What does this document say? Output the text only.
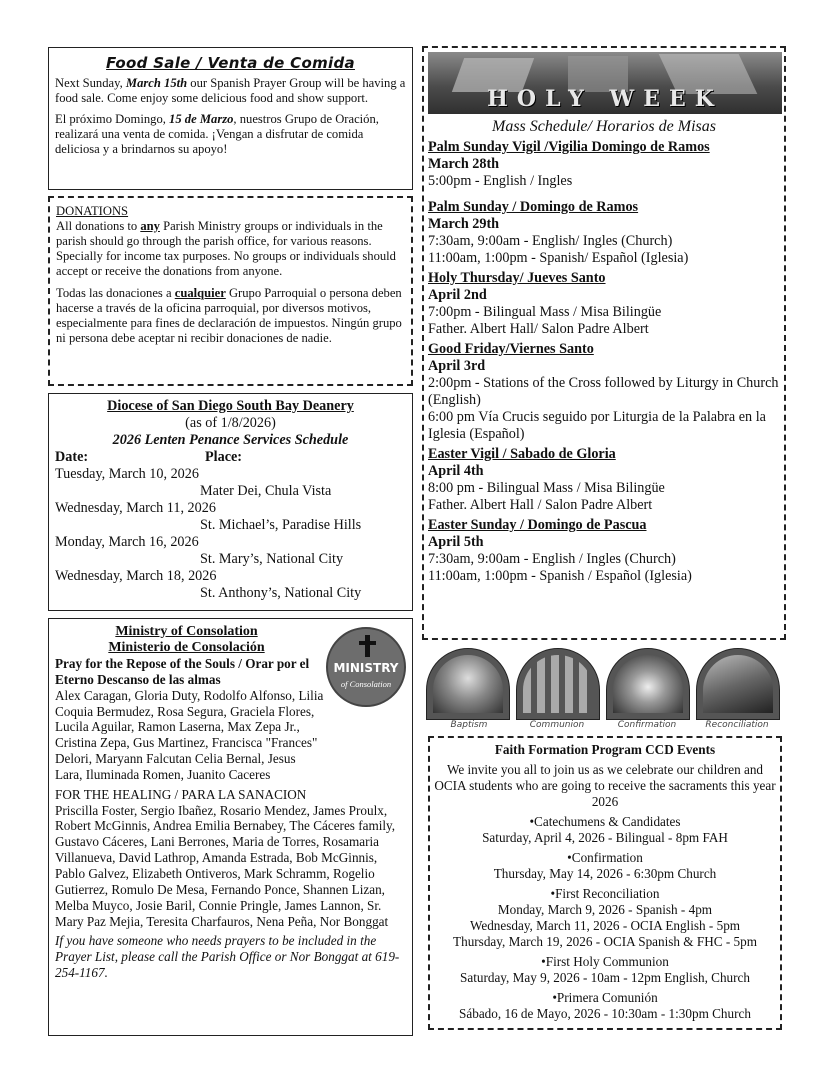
Food Sale / Venta de Comida

Next Sunday, March 15th our Spanish Prayer Group will be having a food sale. Come enjoy some delicious food and show support.

El próximo Domingo, 15 de Marzo, nuestros Grupo de Oración, realizará una venta de comida. ¡Vengan a disfrutar de comida deliciosa y a brindarnos su apoyo!

DONATIONS

All donations to any Parish Ministry groups or individuals in the parish should go through the parish office, for various reasons. Specially for income tax purposes. No groups or individuals should accept or receive the donations from anyone.

Todas las donaciones a cualquier Grupo Parroquial o persona deben hacerse a través de la oficina parroquial, por diversos motivos, especialmente para fines de declaración de impuestos. Ningún grupo ni persona debe aceptar ni recibir donaciones de nadie.

Diocese of San Diego South Bay Deanery
(as of 1/8/2026)
2026 Lenten Penance Services Schedule
Date:	Place:
Tuesday, March 10, 2026
Mater Dei, Chula Vista
Wednesday, March 11, 2026
St. Michael’s, Paradise Hills
Monday, March 16, 2026
St. Mary’s, National City
Wednesday, March 18, 2026
St. Anthony’s, National City
MINISTRY
of Consolation
Ministry of Consolation
Ministerio de Consolación
Pray for the Repose of the Souls / Orar por el Eterno Descanso de las almas

Alex Caragan, Gloria Duty, Rodolfo Alfonso, Lilia Coquia Bermudez, Rosa Segura, Graciela Flores, Lucila Aguilar, Ramon Laserna, Max Zepa Jr., Cristina Zepa, Gus Martinez, Francisca "Frances" Delori, Maryann Falcutan Celia Bernal, Jesus Lara, Iluminada Romen, Juanito Caceres

FOR THE HEALING / PARA LA SANACION

Priscilla Foster, Sergio Ibañez, Rosario Mendez, James Proulx, Robert McGinnis, Andrea Emilia Bernabey, The Cáceres family, Gustavo Cáceres, Lani Berrones, Maria de Torres, Rosamaria Villanueva, David Lathrop, Amanda Estrada, Bob McGinnis, Pablo Galvez, Elizabeth Ontiveros, Mark Schramm, Rogelio Gutierrez, Romulo De Mesa, Fernando Ponce, Shannen Lizan, Melba Muyco, Josie Baril, Connie Pringle, James Lannon, Sr. Mary Paz Mejia, Teresita Charfauros, Nena Peña, Nor Bonggat

If you have someone who needs prayers to be included in the Prayer List, please call the Parish Office or Nor Bonggat at 619-254-1167.

HOLY WEEK
Mass Schedule/ Horarios de Misas
Palm Sunday Vigil /Vigilia Domingo de Ramos
March 28th
5:00pm - English / Ingles
Palm Sunday / Domingo de Ramos
March 29th
7:30am, 9:00am - English/ Ingles (Church)
11:00am, 1:00pm - Spanish/ Español (Iglesia)
Holy Thursday/ Jueves Santo
April 2nd
7:00pm - Bilingual Mass / Misa Bilingüe
Father. Albert Hall/ Salon Padre Albert
Good Friday/Viernes Santo
April 3rd
2:00pm - Stations of the Cross followed by Liturgy in Church (English)
6:00 pm Vía Crucis seguido por Liturgia de la Palabra en la Iglesia (Español)
Easter Vigil / Sabado de Gloria
April 4th
8:00 pm - Bilingual Mass / Misa Bilingüe
Father. Albert Hall / Salon Padre Albert
Easter Sunday / Domingo de Pascua
April 5th
7:30am, 9:00am - English / Ingles (Church)
11:00am, 1:00pm - Spanish / Español (Iglesia)
Baptism	Communion	Confirmation	Reconciliation
Faith Formation Program CCD Events

We invite you all to join us as we celebrate our children and OCIA students who are going to receive the sacraments this year 2026

•Catechumens & Candidates
Saturday, April 4, 2026 - Bilingual - 8pm FAH
•Confirmation
Thursday, May 14, 2026 - 6:30pm Church
•First Reconciliation
Monday, March 9, 2026 - Spanish - 4pm
Wednesday, March 11, 2026 - OCIA English - 5pm
Thursday, March 19, 2026 - OCIA Spanish & FHC - 5pm
•First Holy Communion
Saturday, May 9, 2026 - 10am - 12pm English, Church
•Primera Comunión
Sábado, 16 de Mayo, 2026 - 10:30am - 1:30pm Church
